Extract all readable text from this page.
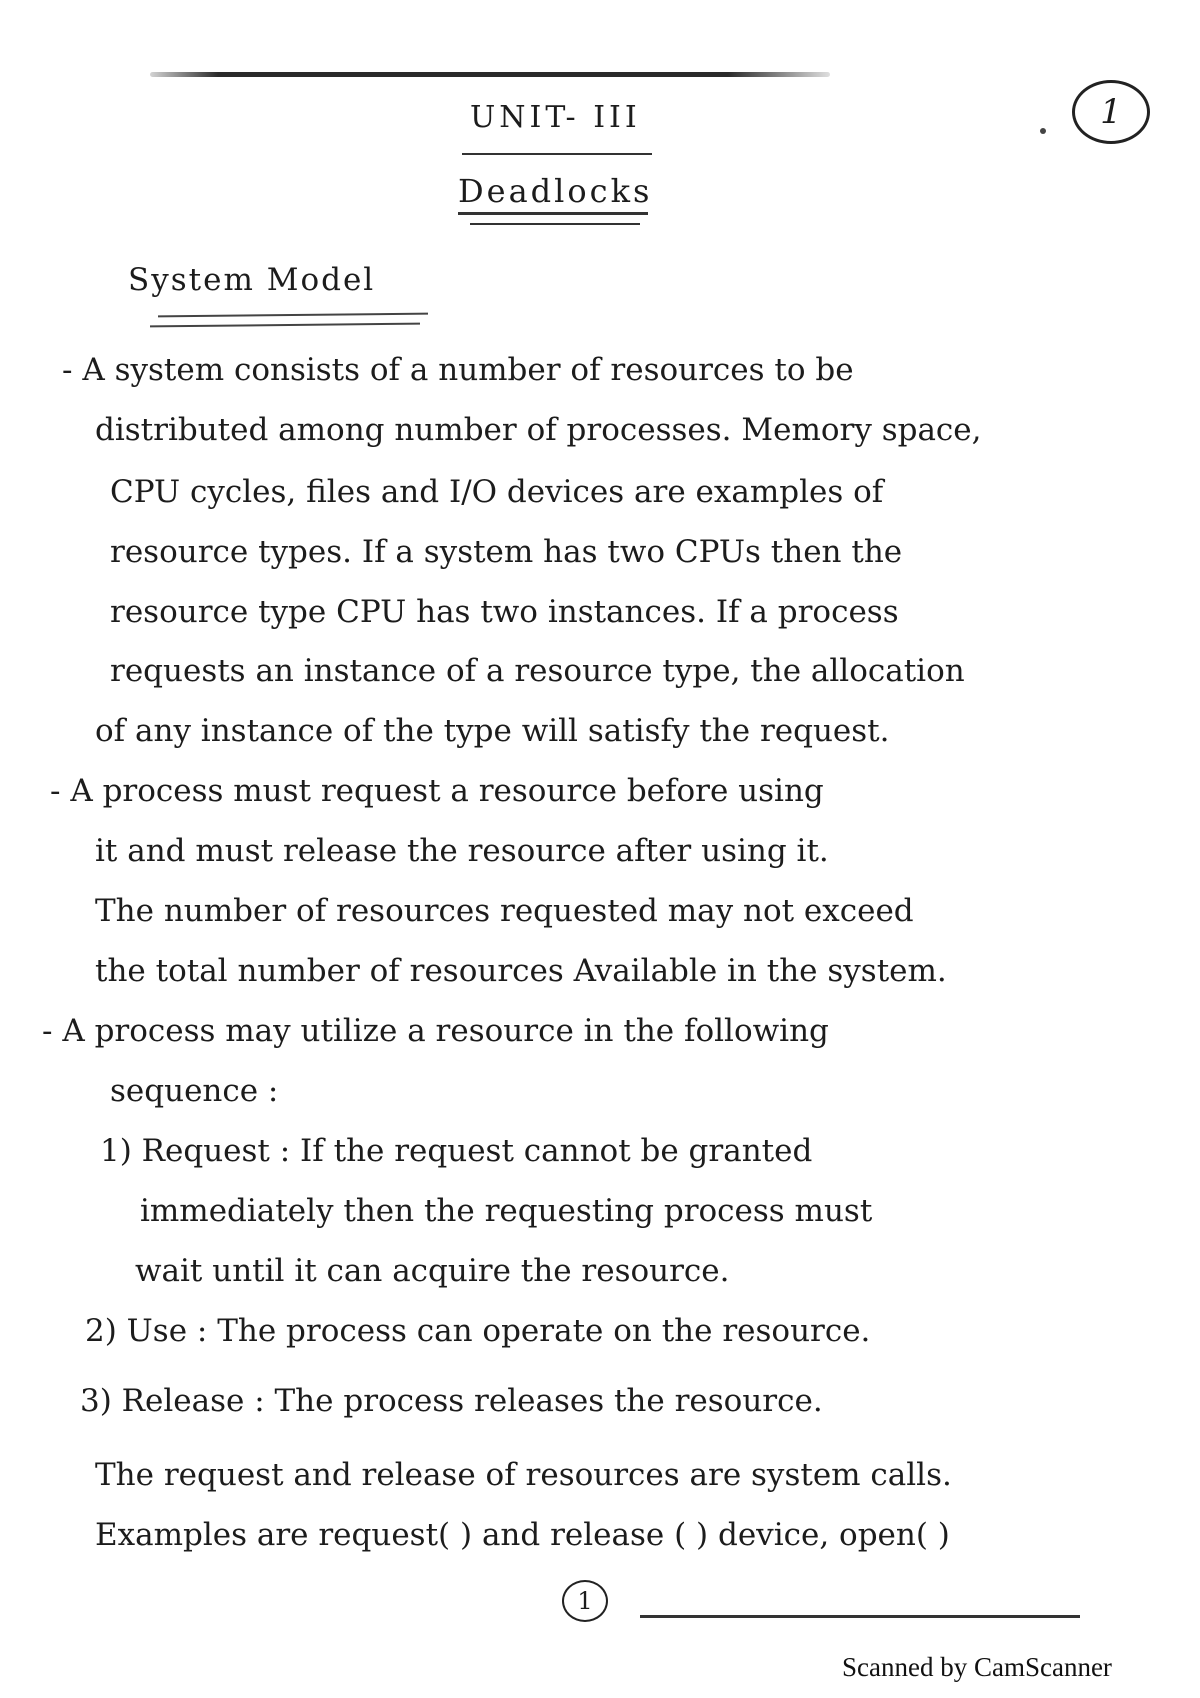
1
UNIT- III
Deadlocks
System Model
- A system consists of a number of resources to be
distributed among number of processes. Memory space,
CPU cycles, files and I/O devices are examples of
resource types. If a system has two CPUs then the
resource type CPU has two instances. If a process
requests an instance of a resource type, the allocation
of any instance of the type will satisfy the request.
- A process must request a resource before using
it and must release the resource after using it.
The number of resources requested may not exceed
the total number of resources Available in the system.
- A process may utilize a resource in the following
sequence :
1) Request : If the request cannot be granted
immediately then the requesting process must
wait until it can acquire the resource.
2) Use : The process can operate on the resource.
3) Release : The process releases the resource.
The request and release of resources are system calls.
Examples are request( ) and release ( ) device, open( )
1
Scanned by CamScanner
